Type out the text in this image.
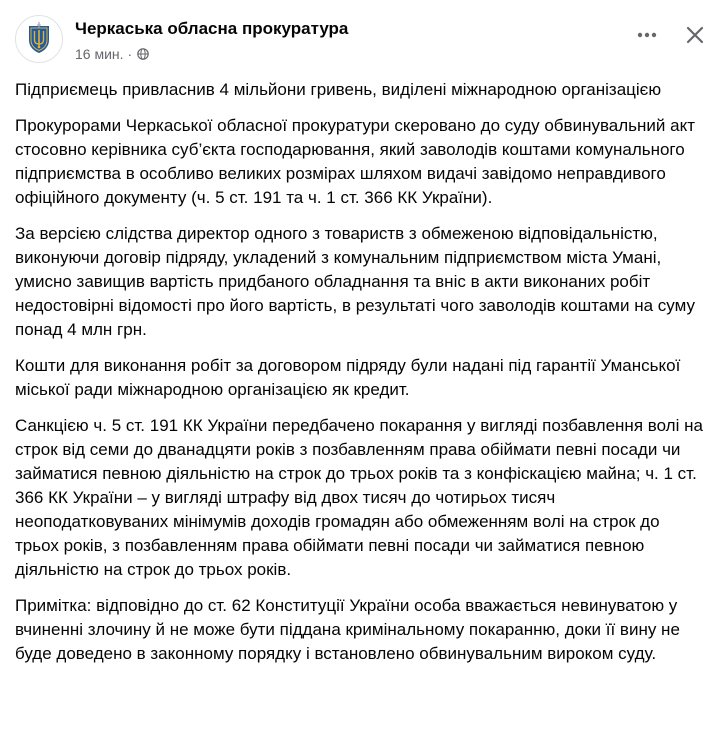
Черкаська обласна прокуратура
16 мин. ·

Підприємець привласнив 4 мільйони гривень, виділені міжнародною організацією

Прокурорами Черкаської обласної прокуратури скеровано до суду обвинувальний акт стосовно керівника суб’єкта господарювання, який заволодів коштами комунального підприємства в особливо великих розмірах шляхом видачі завідомо неправдивого офіційного документу (ч. 5 ст. 191 та ч. 1 ст. 366 КК України).

За версією слідства директор одного з товариств з обмеженою відповідальністю, виконуючи договір підряду, укладений з комунальним підприємством міста Умані, умисно завищив вартість придбаного обладнання та вніс в акти виконаних робіт недостовірні відомості про його вартість, в результаті чого заволодів коштами на суму понад 4 млн грн.

Кошти для виконання робіт за договором підряду були надані під гарантії Уманської міської ради міжнародною організацією як кредит.

Санкцією ч. 5 ст. 191 КК України передбачено покарання у вигляді позбавлення волі на строк від семи до дванадцяти років з позбавленням права обіймати певні посади чи займатися певною діяльністю на строк до трьох років та з конфіскацією майна; ч. 1 ст. 366 КК України – у вигляді штрафу від двох тисяч до чотирьох тисяч неоподатковуваних мінімумів доходів громадян або обмеженням волі на строк до трьох років, з позбавленням права обіймати певні посади чи займатися певною діяльністю на строк до трьох років.

Примітка: відповідно до ст. 62 Конституції України особа вважається невинуватою у вчиненні злочину й не може бути піддана кримінальному покаранню, доки її вину не буде доведено в законному порядку і встановлено обвинувальним вироком суду.
